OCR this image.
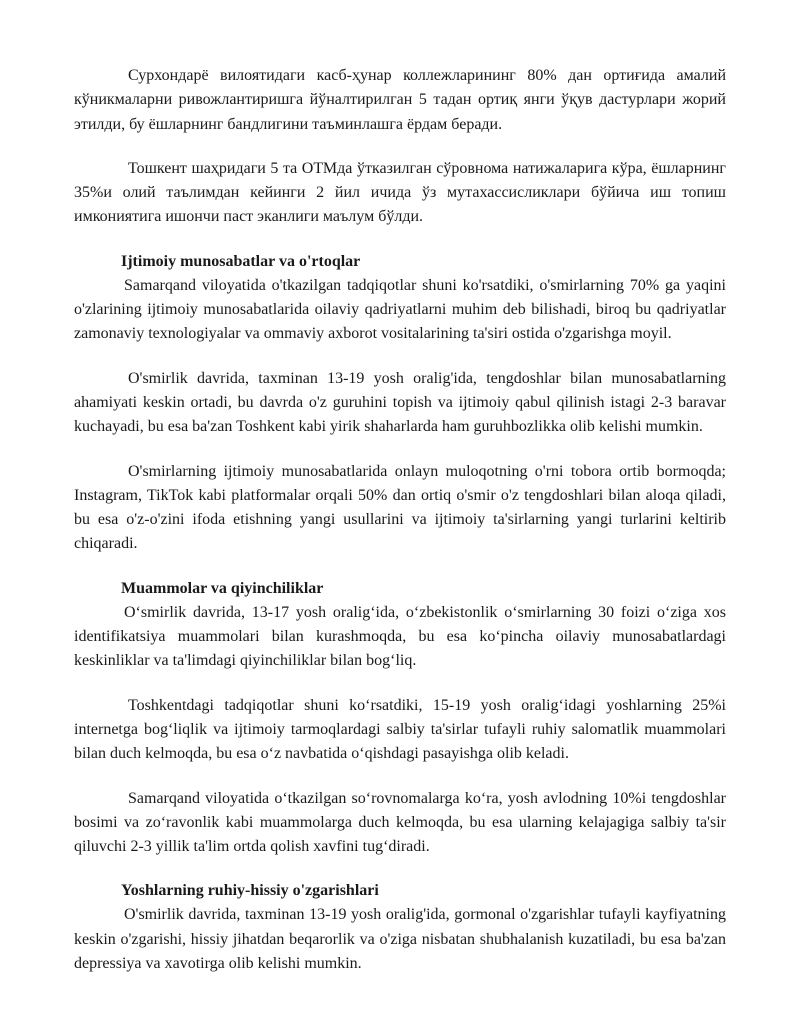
Сурхондарё вилоятидаги касб-ҳунар коллежларининг 80% дан ортиғида амалий кўникмаларни ривожлантиришга йўналтирилган 5 тадан ортиқ янги ўқув дастурлари жорий этилди, бу ёшларнинг бандлигини таъминлашга ёрдам беради.

Тошкент шаҳридаги 5 та ОТМда ўтказилган сўровнома натижаларига кўра, ёшларнинг 35%и олий таълимдан кейинги 2 йил ичида ўз мутахассисликлари бўйича иш топиш имкониятига ишончи паст эканлиги маълум бўлди.

Ijtimoiy munosabatlar va o'rtoqlar

Samarqand viloyatida o'tkazilgan tadqiqotlar shuni ko'rsatdiki, o'smirlarning 70% ga yaqini o'zlarining ijtimoiy munosabatlarida oilaviy qadriyatlarni muhim deb bilishadi, biroq bu qadriyatlar zamonaviy texnologiyalar va ommaviy axborot vositalarining ta'siri ostida o'zgarishga moyil.

O'smirlik davrida, taxminan 13-19 yosh oralig'ida, tengdoshlar bilan munosabatlarning ahamiyati keskin ortadi, bu davrda o'z guruhini topish va ijtimoiy qabul qilinish istagi 2-3 baravar kuchayadi, bu esa ba'zan Toshkent kabi yirik shaharlarda ham guruhbozlikka olib kelishi mumkin.

O'smirlarning ijtimoiy munosabatlarida onlayn muloqotning o'rni tobora ortib bormoqda; Instagram, TikTok kabi platformalar orqali 50% dan ortiq o'smir o'z tengdoshlari bilan aloqa qiladi, bu esa o'z-o'zini ifoda etishning yangi usullarini va ijtimoiy ta'sirlarning yangi turlarini keltirib chiqaradi.

Muammolar va qiyinchiliklar

O‘smirlik davrida, 13-17 yosh oralig‘ida, o‘zbekistonlik o‘smirlarning 30 foizi o‘ziga xos identifikatsiya muammolari bilan kurashmoqda, bu esa ko‘pincha oilaviy munosabatlardagi keskinliklar va ta'limdagi qiyinchiliklar bilan bog‘liq.

Toshkentdagi tadqiqotlar shuni ko‘rsatdiki, 15-19 yosh oralig‘idagi yoshlarning 25%i internetga bog‘liqlik va ijtimoiy tarmoqlardagi salbiy ta'sirlar tufayli ruhiy salomatlik muammolari bilan duch kelmoqda, bu esa o‘z navbatida o‘qishdagi pasayishga olib keladi.

Samarqand viloyatida o‘tkazilgan so‘rovnomalarga ko‘ra, yosh avlodning 10%i tengdoshlar bosimi va zo‘ravonlik kabi muammolarga duch kelmoqda, bu esa ularning kelajagiga salbiy ta'sir qiluvchi 2-3 yillik ta'lim ortda qolish xavfini tug‘diradi.

Yoshlarning ruhiy-hissiy o'zgarishlari

O'smirlik davrida, taxminan 13-19 yosh oralig'ida, gormonal o'zgarishlar tufayli kayfiyatning keskin o'zgarishi, hissiy jihatdan beqarorlik va o'ziga nisbatan shubhalanish kuzatiladi, bu esa ba'zan depressiya va xavotirga olib kelishi mumkin.
